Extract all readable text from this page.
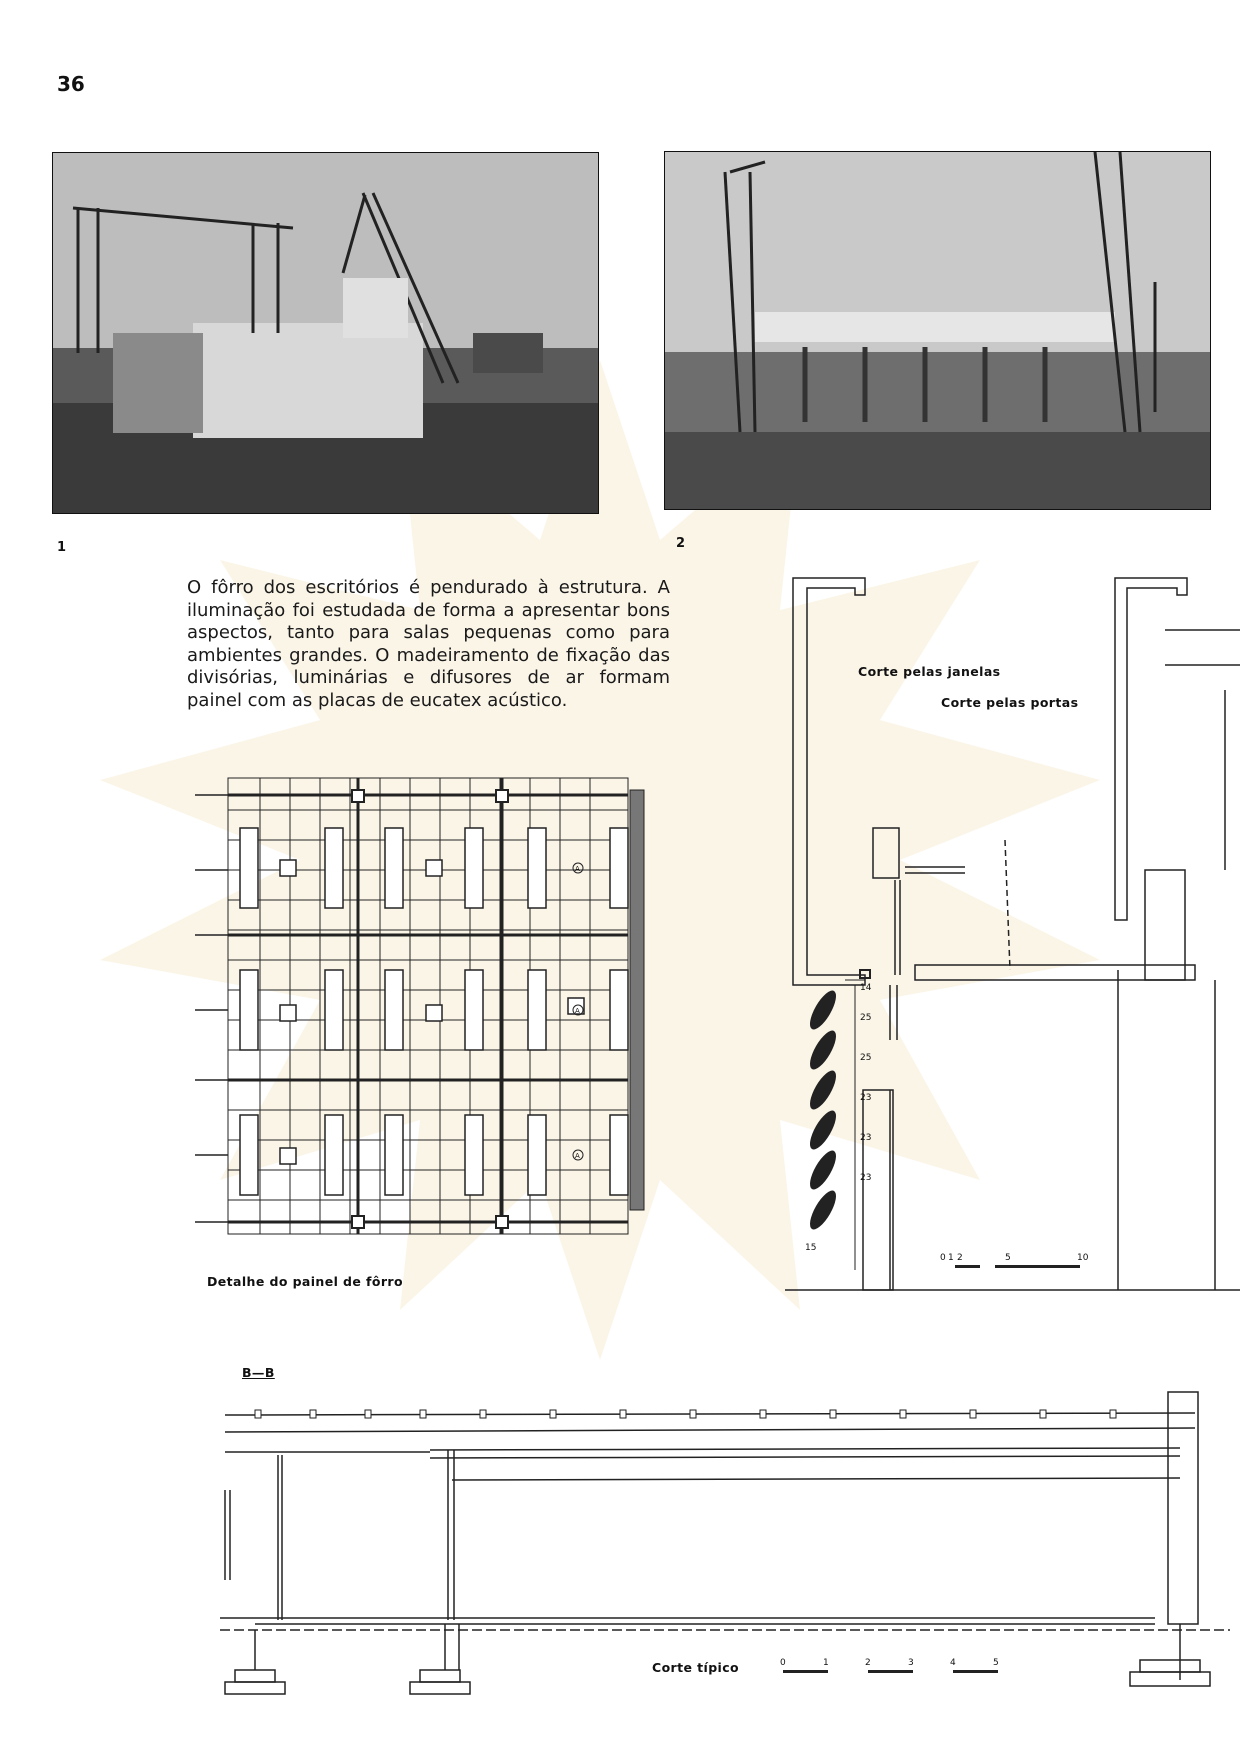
36
1	2

O fôrro dos escritórios é pendurado à estrutura. A iluminação foi estudada de forma a apresentar bons aspectos, tanto para salas pequenas como para ambientes grandes. O madeiramento de fixação das divisórias, luminárias e difusores de ar formam painel com as placas de eucatex acústico.

A
A
A
Detalhe do painel de fôrro
14
25
25
23
23
23
15
0 1 2	5	10
Corte pelas janelas
Corte pelas portas
B—B
0	1	2	3	4	5
Corte típico
